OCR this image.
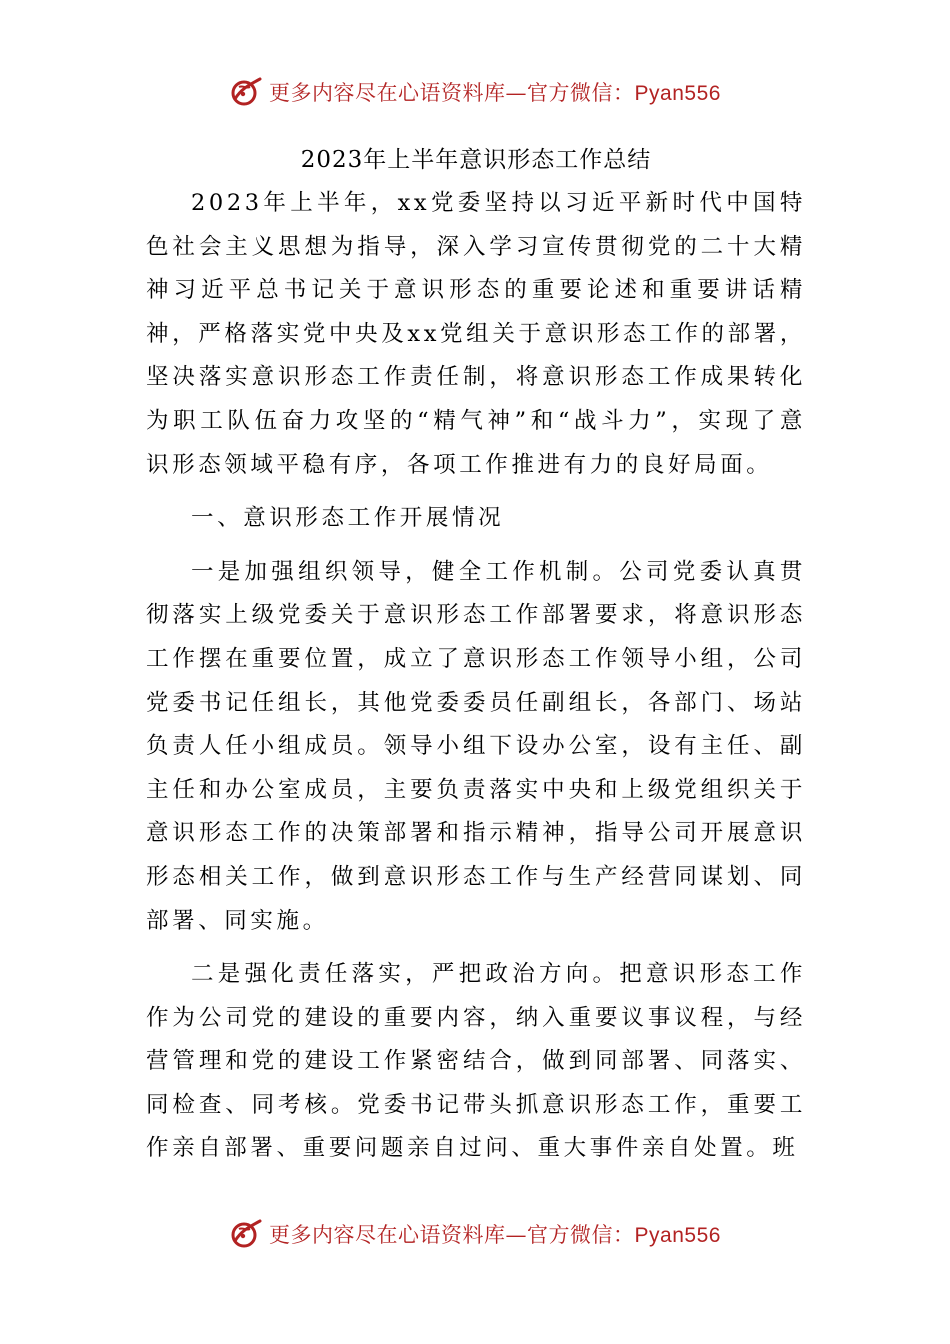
更多内容尽在心语资料库—官方微信：Pyan556
2023年上半年意识形态工作总结

2023年上半年，xx党委坚持以习近平新时代中国特色社会主义思想为指导，深入学习宣传贯彻党的二十大精神习近平总书记关于意识形态的重要论述和重要讲话精神，严格落实党中央及xx党组关于意识形态工作的部署，坚决落实意识形态工作责任制，将意识形态工作成果转化为职工队伍奋力攻坚的“精气神”和“战斗力”，实现了意识形态领域平稳有序，各项工作推进有力的良好局面。

一、意识形态工作开展情况

一是加强组织领导，健全工作机制。公司党委认真贯彻落实上级党委关于意识形态工作部署要求，将意识形态工作摆在重要位置，成立了意识形态工作领导小组，公司党委书记任组长，其他党委委员任副组长，各部门、场站负责人任小组成员。领导小组下设办公室，设有主任、副主任和办公室成员，主要负责落实中央和上级党组织关于意识形态工作的决策部署和指示精神，指导公司开展意识形态相关工作，做到意识形态工作与生产经营同谋划、同部署、同实施。

二是强化责任落实，严把政治方向。把意识形态工作作为公司党的建设的重要内容，纳入重要议事议程，与经营管理和党的建设工作紧密结合，做到同部署、同落实、同检查、同考核。党委书记带头抓意识形态工作，重要工作亲自部署、重要问题亲自过问、重大事件亲自处置。班

更多内容尽在心语资料库—官方微信：Pyan556
